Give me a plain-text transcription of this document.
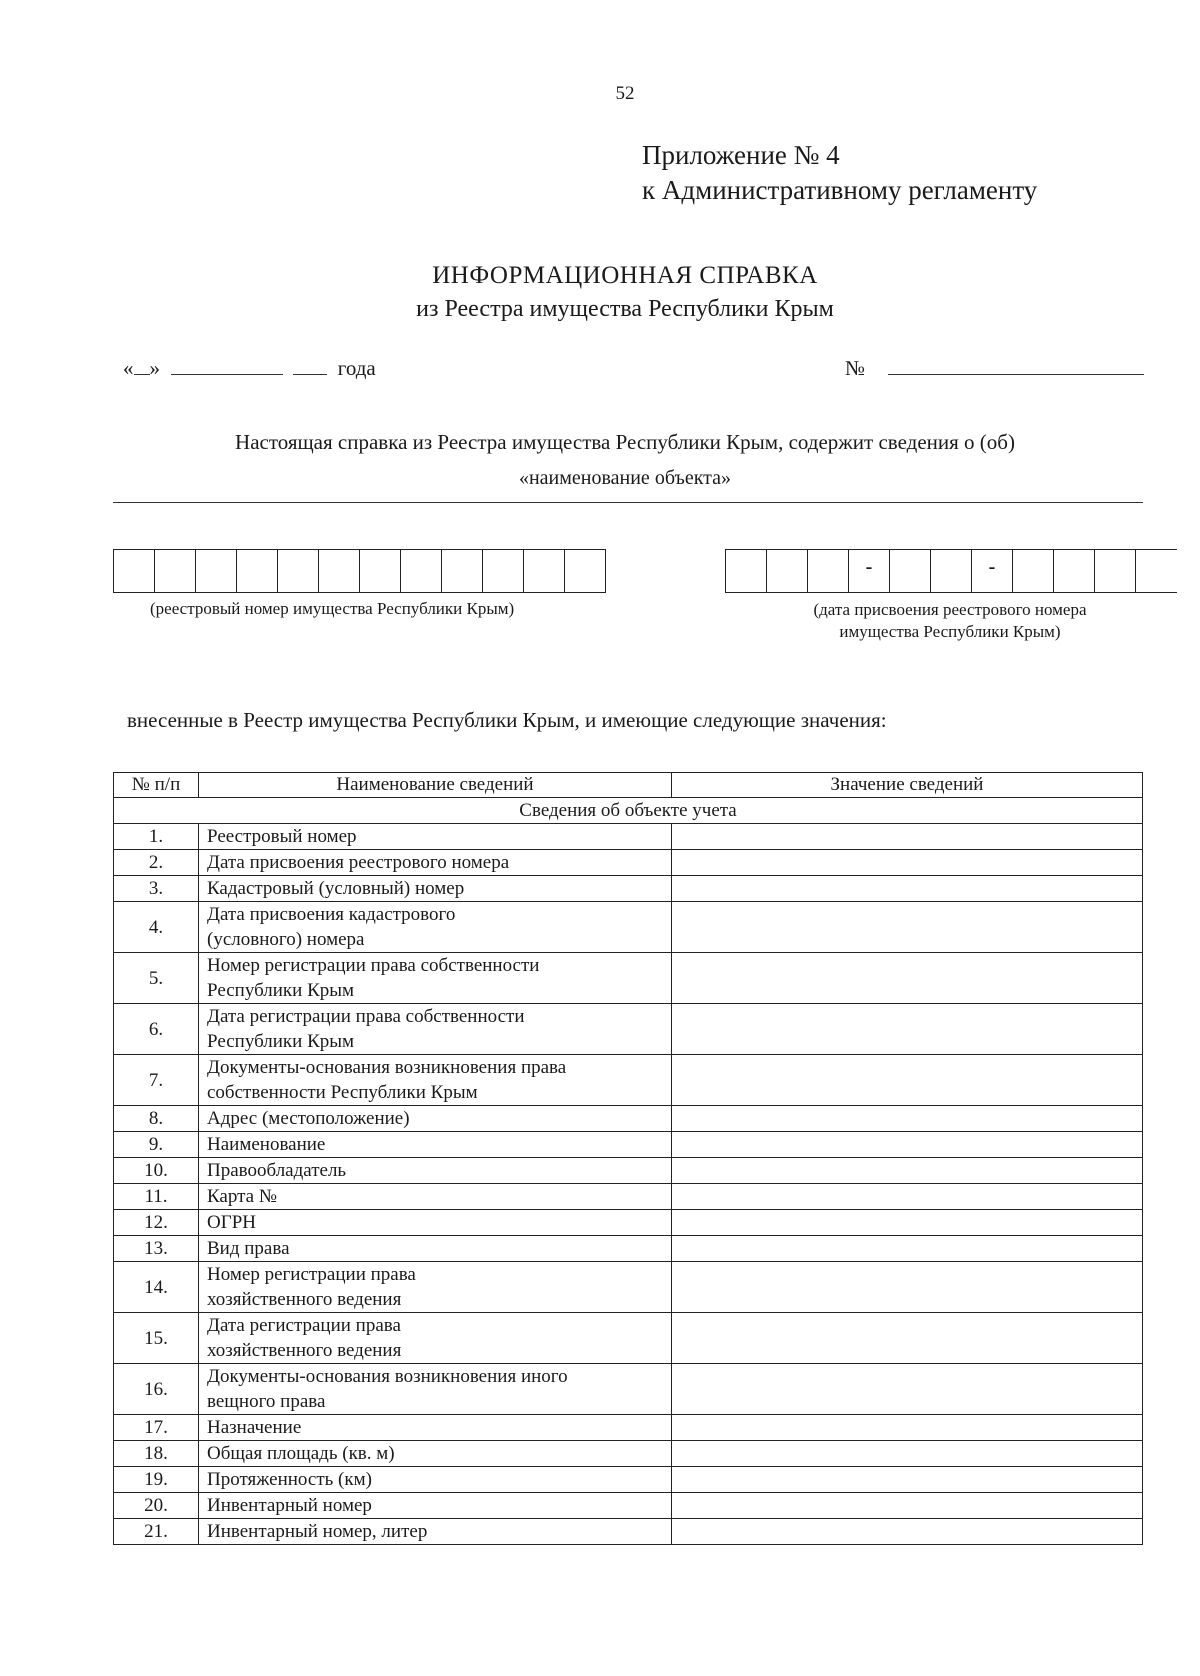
52
Приложение № 4
к Административному регламенту
ИНФОРМАЦИОННАЯ СПРАВКА
из Реестра имущества Республики Крым
« »	года	№
Настоящая справка из Реестра имущества Республики Крым, содержит сведения о (об)
«наименование объекта»
-	-
(реестровый номер имущества Республики Крым)	(дата присвоения реестрового номера
имущества Республики Крым)
внесенные в Реестр имущества Республики Крым, и имеющие следующие значения:
№ п/п	Наименование сведений	Значение сведений
Сведения об объекте учета		
1.	Реестровый номер	

2.	Дата присвоения реестрового номера	

3.	Кадастровый (условный) номер	

4.	Дата присвоения кадастрового
(условного) номера	

5.	Номер регистрации права собственности
Республики Крым	

6.	Дата регистрации права собственности
Республики Крым	

7.	Документы-основания возникновения права
собственности Республики Крым	

8.	Адрес (местоположение)	

9.	Наименование	

10.	Правообладатель	

11.	Карта №	

12.	ОГРН	

13.	Вид права	

14.	Номер регистрации права
хозяйственного ведения	

15.	Дата регистрации права
хозяйственного ведения	

16.	Документы-основания возникновения иного
вещного права	

17.	Назначение	

18.	Общая площадь (кв. м)	

19.	Протяженность (км)	

20.	Инвентарный номер	

21.	Инвентарный номер, литер	
